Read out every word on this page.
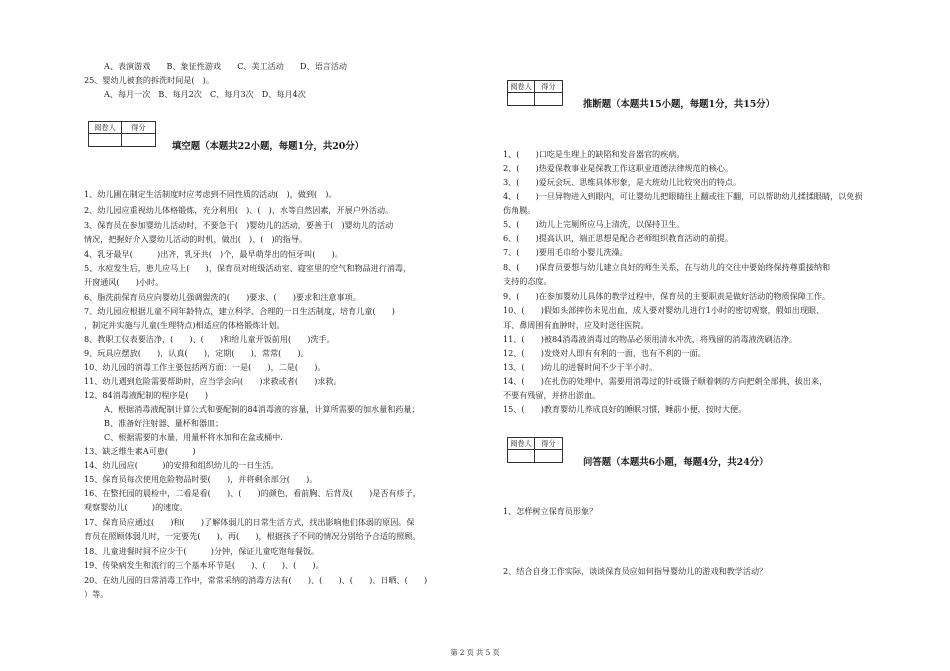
A、表演游戏　　B、象征性游戏　　C、美工活动　　D、语言活动
25、婴幼儿被套的拆洗时间是(　)。
A、每月一次　B、每月2次　C、每月3次　D、每月4次
阅卷人	得分
填空题（本题共22小题，每题1分，共20分）
1、幼儿圃在制定生活制度时应考虑到不同性质的活动(　)，做到(　)。
2、幼儿园应重视幼儿体格锻炼，充分利用(　)、(　)、水等自然因素，开展户外活动。
3、保育员在参加婴幼儿活动时，不要急于(　)婴幼儿的活动，要善于(　)婴幼儿的活动
情况，把握好介入婴幼儿活动的时机，做出(　)、(　)的指导。
4、乳牙最早(　　　)出齐，乳牙共(　)个，最早萌芽出的恒牙叫(　　)。
5、水痘发生后，患儿应马上(　　)，保育员对班级活动室、寝室里的空气和物品进行消毒，
开窗通风(　　)小时。
6、脂洗前保育员应向婴幼儿强调盥洗的(　　)要求、(　　)要求和注意事项。
7、幼儿园应根据儿童不同年龄特点，建立科学、合理的一日生活制度，培育儿童(　　)
，制定并实施与儿童(生理特点)相适应的体格锻炼计划。
8、教职工仪表要洁净，(　　)、(　　)和给儿童开饭前用(　　)洗手。
9、玩具应摆放(　　)，认真(　　)，定期(　　)，常常(　　)。
10、幼儿园的消毒工作主要包括两方面：一是(　　)，二是(　　)。
11、幼儿遇到危险需要帮助时，应当学会向(　　)求救或者(　　)求救。
12、84消毒液配制的程序是(　　)
A、根据消毒液配制计算公式和要配制的84消毒液的容量，计算所需要的加水量和药量；
B、准备好注射器、量杯和器皿；
C、根据需要的水量，用量杯将水加和在盆或桶中.
13、缺乏维生素A可患(　　　)
14、幼儿园应(　　　)的安排和组织幼儿的一日生活。
15、保育员每次使用危险物品时要(　　)，并将剩余部分(　　)。
16、在整托园的晨检中，二看是看(　　)、(　　)的颜色，看前胸、后背及(　　)是否有疹子，
观察婴幼儿(　　　)的速度。
17、保育员应通过(　　)和(　　)了解体弱儿的日常生活方式，找出影响他们体弱的原因。保
育员在照顾体弱儿时，一定要先(　　)，再(　　)，根据孩子不同的情况分别给予合适的照顾。
18、儿童进餐时间不应少于(　　　)分钟，保证儿童吃饱每餐饭。
19、传染病发生和流行的三个基本环节是(　　)、(　　)、(　　)。
20、在幼儿园的日常消毒工作中，常常采纳的消毒方法有(　　)、(　　)、(　　)、日晒、(　　)
）等。
阅卷人	得分
推断题（本题共15小题，每题1分，共15分）
1、(　　)口吃是生理上的缺陷和发音器官的疾病。
2、(　　)热爱保教事业是保教工作这职业道德法律规范的核心。
3、(　　)爱玩会玩、思维具体形象，是大班幼儿比较突出的特点。
4、(　　)一旦异物进入到眼内，可让婴幼儿把眼睛往上翻或往下翻，可以帮助幼儿揉揉眼睛，以免损
伤角膜。
5、(　　)幼儿上完厕所应马上清洗，以保持卫生。
6、(　　)提高认识，端正思想是配合老师组织教育活动的前提。
7、(　　)要用毛巾给小婴儿洗澡。
8、(　　)保育员要想与幼儿建立良好的师生关系，在与幼儿的交往中要始终保持尊重接纳和
支持的态度。
9、(　　)在参加婴幼儿具体的教学过程中，保育员的主要职责是做好活动的物质保障工作。
10、(　　)假如头部摔伤未见出血，成人要对婴幼儿进行1小时的密切观察，假如出现眼、
耳、鼻周围有血肿时，应及时送往医院。
11、(　　)被84消毒液消毒过的物品必须用清水冲洗，将残留的消毒液洗刷洁净。
12、(　　)发烧对人即有有利的一面，也有不利的一面。
13、(　　)幼儿的进餐时间不少于半小时。
14、(　　)在扎伤的处理中，需要用消毒过的针或镊子顺着刺的方向把刺全部挑、拔出来，
不要有残留，并挤出淤血。
15、(　　)教育婴幼儿养成良好的睡眠习惯，睡前小便，按时大便。
阅卷人	得分
问答题（本题共6小题，每题4分，共24分）
1、怎样树立保育员形象？
2、结合自身工作实际，谈谈保育员应如何指导婴幼儿的游戏和教学活动？
第 2 页 共 5 页
